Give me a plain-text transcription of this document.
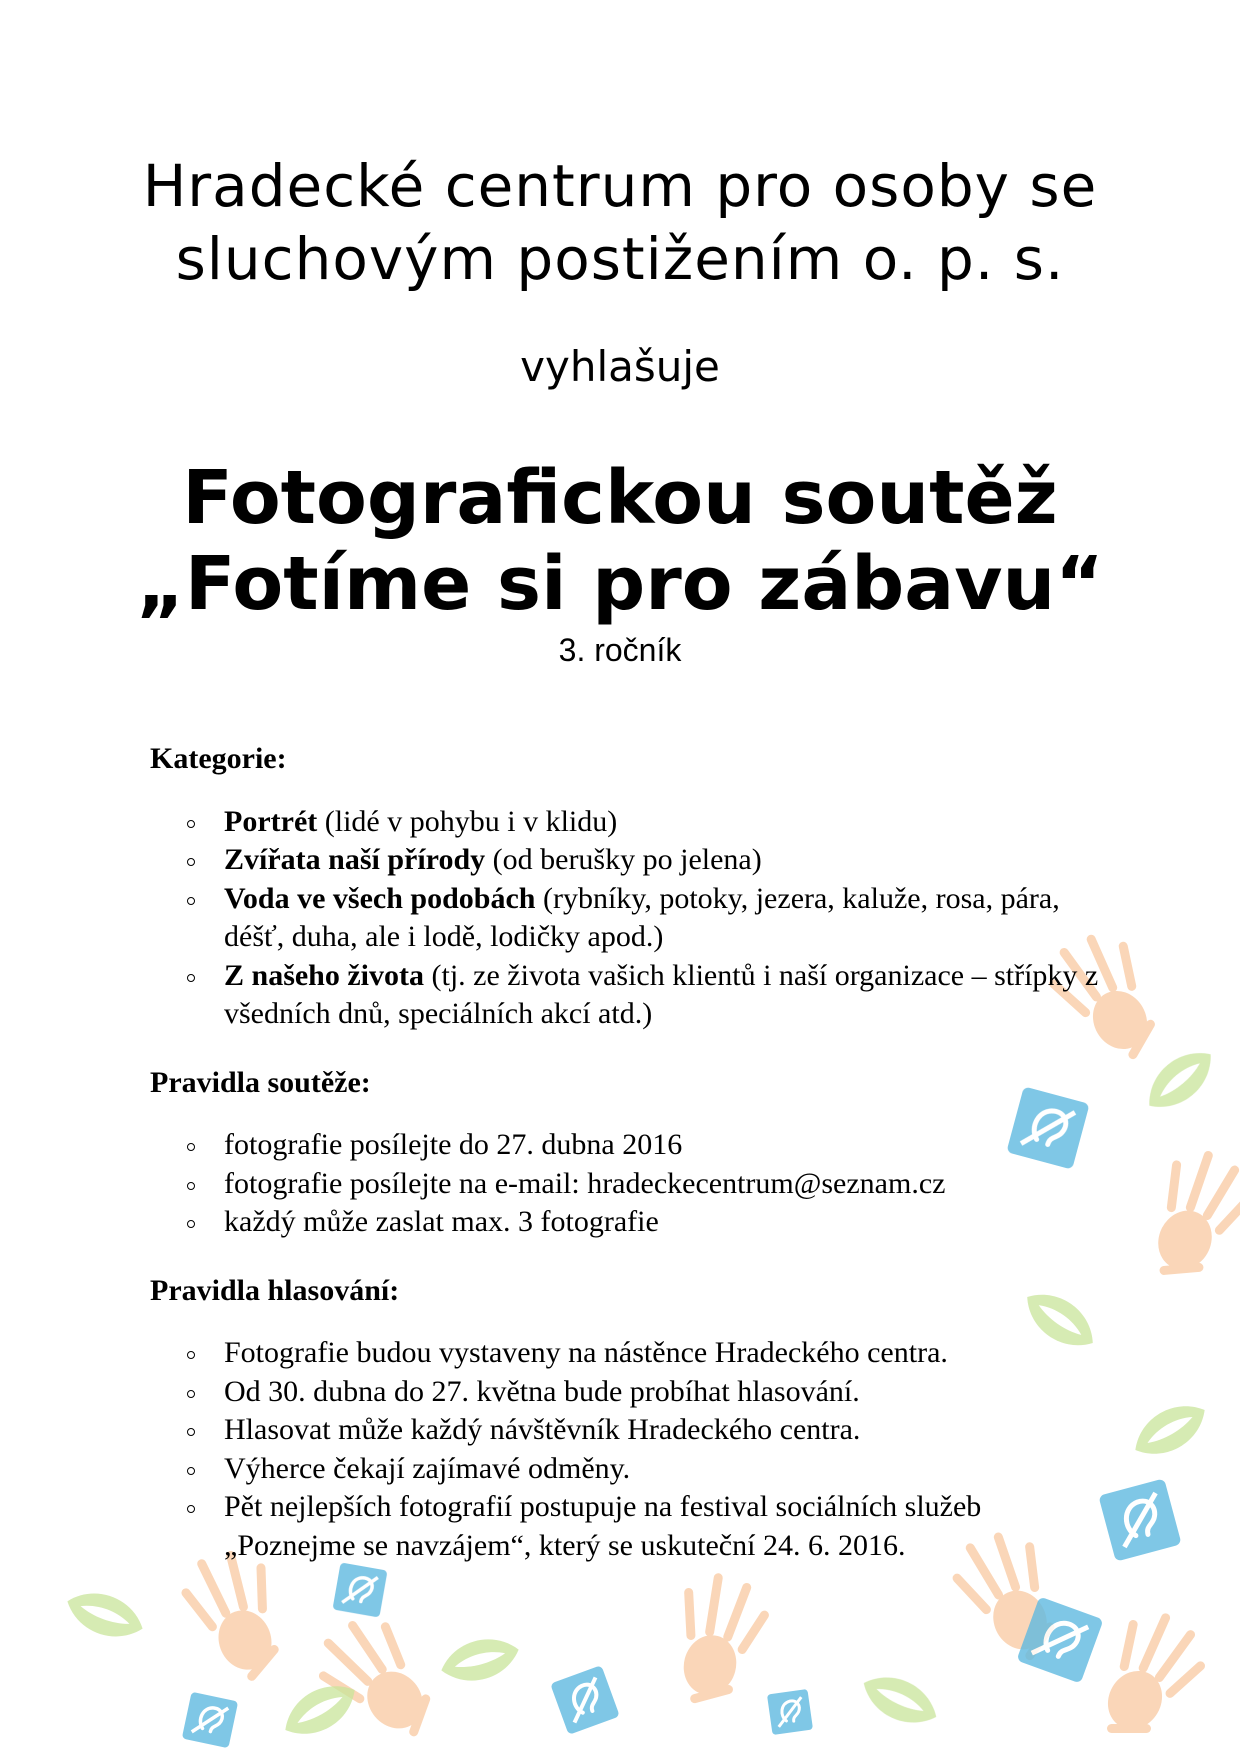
Hradecké centrum pro osoby se
sluchovým postižením o. p. s.
vyhlašuje
Fotografickou soutěž
„Fotíme si pro zábavu“
3. ročník
Kategorie:
Portrét (lidé v pohybu i v klidu)
Zvířata naší přírody (od berušky po jelena)
Voda ve všech podobách (rybníky, potoky, jezera, kaluže, rosa, pára, déšť, duha, ale i lodě, lodičky apod.)
Z našeho života (tj. ze života vašich klientů i naší organizace – střípky z všedních dnů, speciálních akcí atd.)
Pravidla soutěže:
fotografie posílejte do 27. dubna 2016
fotografie posílejte na e-mail: hradeckecentrum@seznam.cz
každý může zaslat max. 3 fotografie
Pravidla hlasování:
Fotografie budou vystaveny na nástěnce Hradeckého centra.
Od 30. dubna do 27. května bude probíhat hlasování.
Hlasovat může každý návštěvník Hradeckého centra.
Výherce čekají zajímavé odměny.
Pět nejlepších fotografií postupuje na festival sociálních služeb „Poznejme se navzájem“, který se uskuteční 24. 6. 2016.
